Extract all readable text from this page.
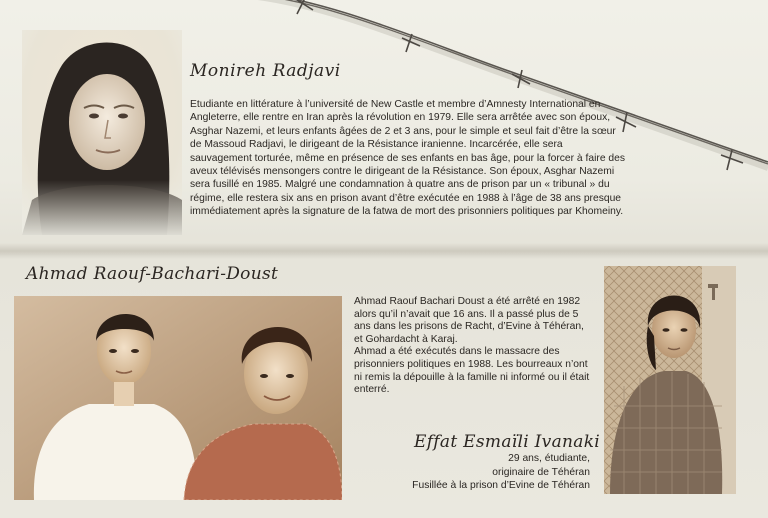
Monireh Radjavi
Etudiante en littérature à l’université de New Castle et membre d’Amnesty International en Angleterre, elle rentre en Iran après la révolution en 1979. Elle sera arrêtée avec son époux, Asghar Nazemi, et leurs enfants âgées de 2 et 3 ans, pour le simple et seul fait d’être la sœur de Massoud Radjavi, le dirigeant de la Résistance iranienne. Incarcérée, elle sera sauvagement torturée, même en présence de ses enfants en bas âge, pour la forcer à faire des aveux télévisés mensongers contre le dirigeant de la Résistance. Son époux, Asghar Nazemi sera fusillé en 1985. Malgré une condamnation à quatre ans de prison par un « tribunal » du régime, elle restera six ans en prison avant d’être exécutée en 1988 à l’âge de 38 ans presque immédiatement après la signature de la fatwa de mort des prisonniers politiques par Khomeiny.
Ahmad Raouf-Bachari-Doust

Ahmad Raouf Bachari Doust a été arrêté en 1982 alors qu’il n’avait que 16 ans. Il a passé plus de 5 ans dans les prisons de Racht, d’Evine à Téhéran, et Gohardacht à Karaj.

Ahmad a été exécutés dans le massacre des prisonniers politiques en 1988. Les bourreaux n’ont ni remis la dépouille à la famille ni informé ou il était enterré.

Effat Esmaïli Ivanaki
29 ans, étudiante,
originaire de Téhéran
Fusillée à la prison d’Evine de Téhéran
